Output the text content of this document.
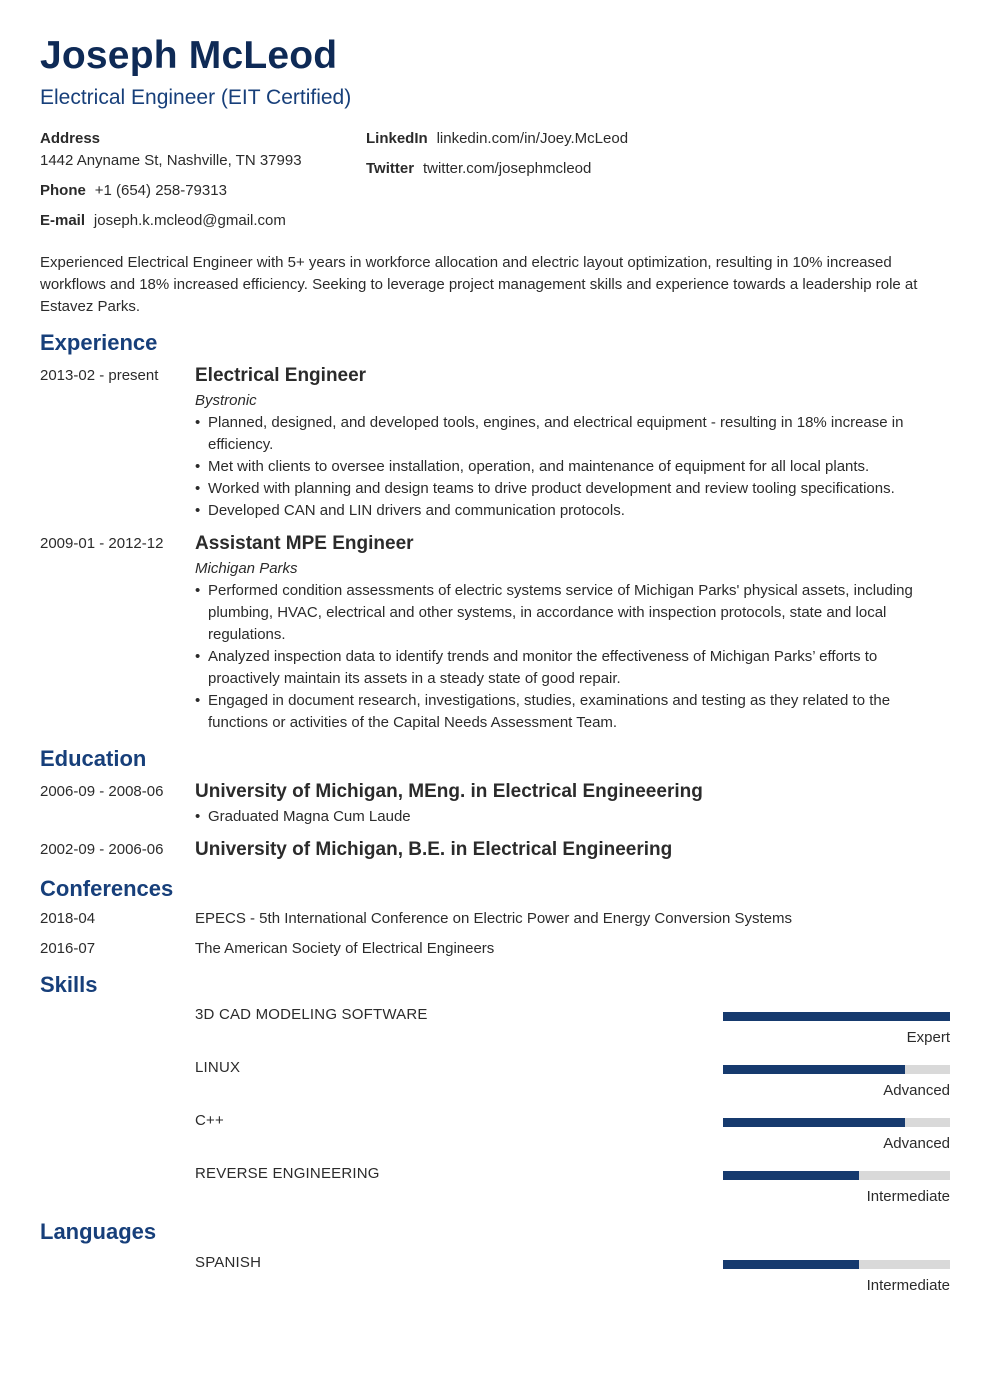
Joseph McLeod
Electrical Engineer (EIT Certified)
Address
1442 Anyname St, Nashville, TN 37993
Phone +1 (654) 258-79313
E-mail joseph.k.mcleod@gmail.com
LinkedIn linkedin.com/in/Joey.McLeod
Twitter twitter.com/josephmcleod
Experienced Electrical Engineer with 5+ years in workforce allocation and electric layout optimization, resulting in 10% increased workflows and 18% increased efficiency. Seeking to leverage project management skills and experience towards a leadership role at Estavez Parks.
Experience
2013-02 - present Electrical Engineer
Bystronic
• Planned, designed, and developed tools, engines, and electrical equipment - resulting in 18% increase in efficiency.
• Met with clients to oversee installation, operation, and maintenance of equipment for all local plants.
• Worked with planning and design teams to drive product development and review tooling specifications.
• Developed CAN and LIN drivers and communication protocols.
2009-01 - 2012-12 Assistant MPE Engineer
Michigan Parks
• Performed condition assessments of electric systems service of Michigan Parks' physical assets, including plumbing, HVAC, electrical and other systems, in accordance with inspection protocols, state and local regulations.
• Analyzed inspection data to identify trends and monitor the effectiveness of Michigan Parks’ efforts to proactively maintain its assets in a steady state of good repair.
• Engaged in document research, investigations, studies, examinations and testing as they related to the functions or activities of the Capital Needs Assessment Team.
Education
2006-09 - 2008-06 University of Michigan, MEng. in Electrical Engineeering
• Graduated Magna Cum Laude
2002-09 - 2006-06 University of Michigan, B.E. in Electrical Engineering
Conferences
2018-04	EPECS - 5th International Conference on Electric Power and Energy Conversion Systems
2016-07	The American Society of Electrical Engineers
Skills
3D CAD MODELING SOFTWARE
Expert
LINUX
Advanced
C++
Advanced
REVERSE ENGINEERING
Intermediate
Languages
SPANISH
Intermediate
